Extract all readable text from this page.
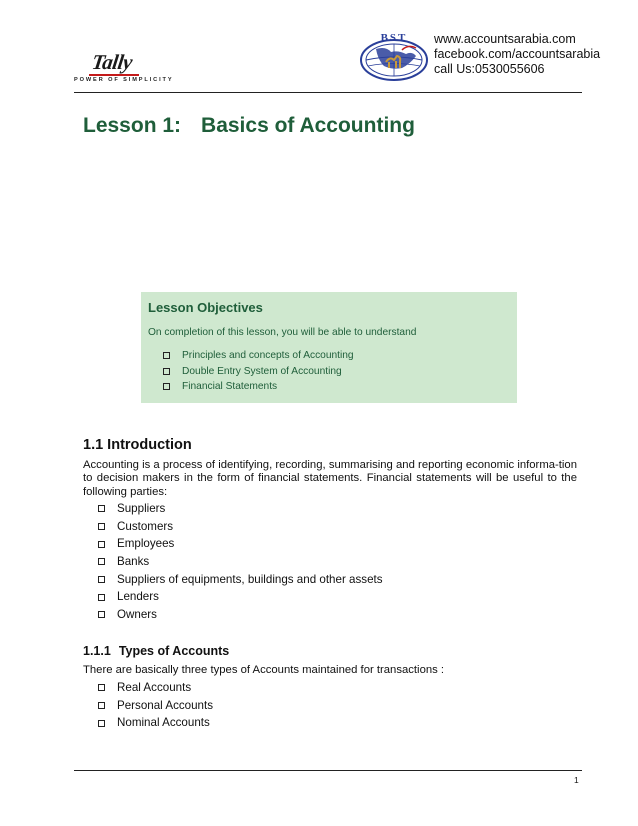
Tally
POWER OF SIMPLICITY
BST www.accountsarabia.com
facebook.com/accountsarabia
call Us:0530055606
Lesson 1: Basics of Accounting
Lesson Objectives
On completion of this lesson, you will be able to understand
Principles and concepts of Accounting
Double Entry System of Accounting
Financial Statements
1.1 Introduction
Accounting is a process of identifying, recording, summarising and reporting economic informa-tion to decision makers in the form of financial statements. Financial statements will be useful to the following parties:
Suppliers
Customers
Employees
Banks
Suppliers of equipments, buildings and other assets
Lenders
Owners
1.1.1 Types of Accounts
There are basically three types of Accounts maintained for transactions :
Real Accounts
Personal Accounts
Nominal Accounts
1
